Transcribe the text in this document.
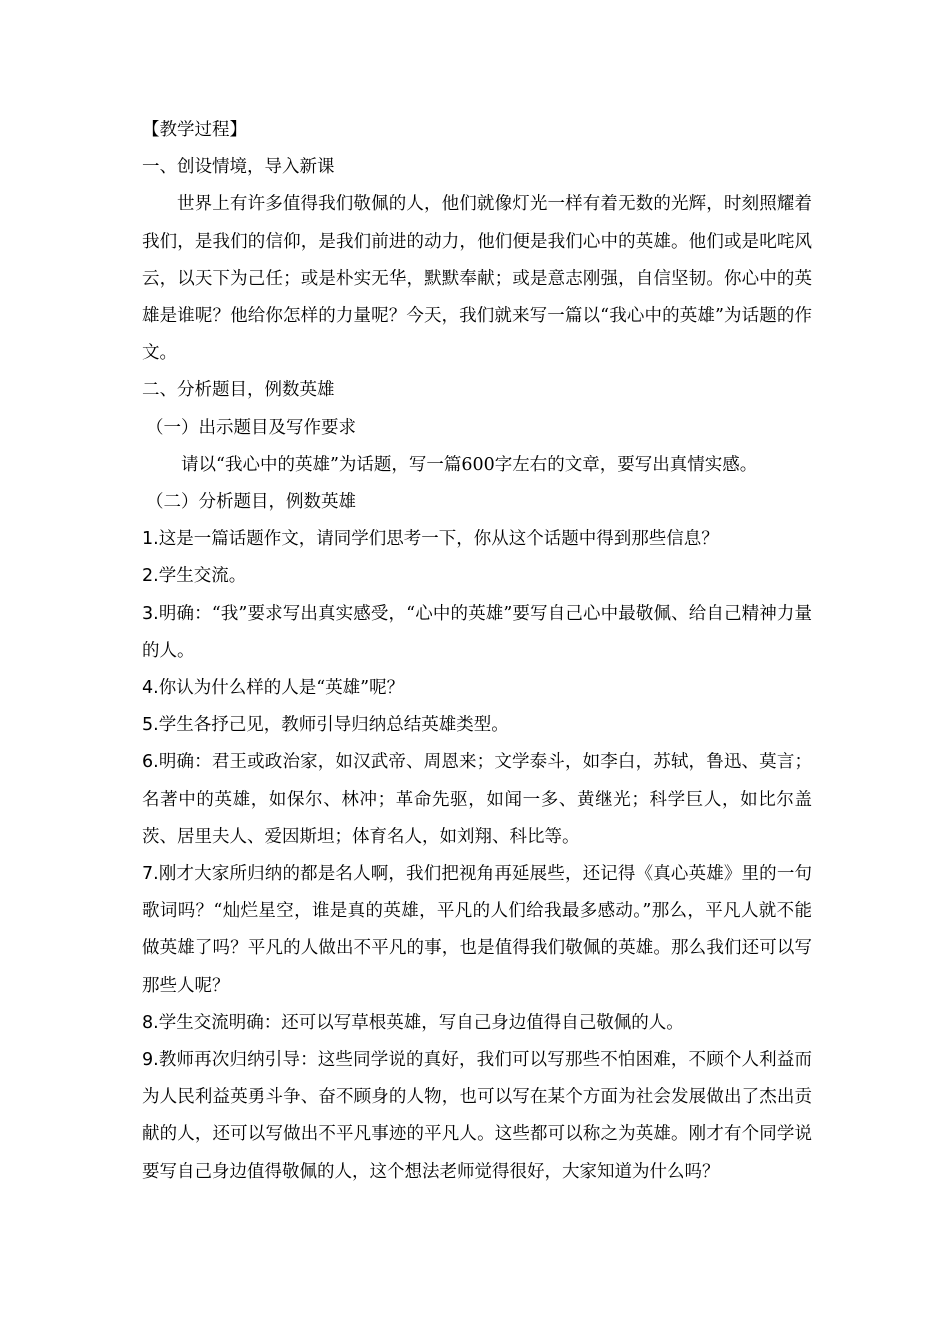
【教学过程】
一、创设情境，导入新课
世界上有许多值得我们敬佩的人，他们就像灯光一样有着无数的光辉，时刻照耀着我们，是我们的信仰，是我们前进的动力，他们便是我们心中的英雄。他们或是叱咤风云，以天下为己任；或是朴实无华，默默奉献；或是意志刚强，自信坚韧。你心中的英雄是谁呢？他给你怎样的力量呢？今天，我们就来写一篇以“我心中的英雄”为话题的作文。
二、分析题目，例数英雄
（一）出示题目及写作要求
请以“我心中的英雄”为话题，写一篇600字左右的文章，要写出真情实感。
（二）分析题目，例数英雄
1.这是一篇话题作文，请同学们思考一下，你从这个话题中得到那些信息？
2.学生交流。
3.明确：“我”要求写出真实感受，“心中的英雄”要写自己心中最敬佩、给自己精神力量的人。
4.你认为什么样的人是“英雄”呢？
5.学生各抒己见，教师引导归纳总结英雄类型。
6.明确：君王或政治家，如汉武帝、周恩来；文学泰斗，如李白，苏轼，鲁迅、莫言；名著中的英雄，如保尔、林冲；革命先驱，如闻一多、黄继光；科学巨人，如比尔盖茨、居里夫人、爱因斯坦；体育名人，如刘翔、科比等。
7.刚才大家所归纳的都是名人啊，我们把视角再延展些，还记得《真心英雄》里的一句歌词吗？“灿烂星空，谁是真的英雄，平凡的人们给我最多感动。”那么，平凡人就不能做英雄了吗？平凡的人做出不平凡的事，也是值得我们敬佩的英雄。那么我们还可以写那些人呢？
8.学生交流明确：还可以写草根英雄，写自己身边值得自己敬佩的人。
9.教师再次归纳引导：这些同学说的真好，我们可以写那些不怕困难，不顾个人利益而为人民利益英勇斗争、奋不顾身的人物，也可以写在某个方面为社会发展做出了杰出贡献的人，还可以写做出不平凡事迹的平凡人。这些都可以称之为英雄。刚才有个同学说要写自己身边值得敬佩的人，这个想法老师觉得很好，大家知道为什么吗？
